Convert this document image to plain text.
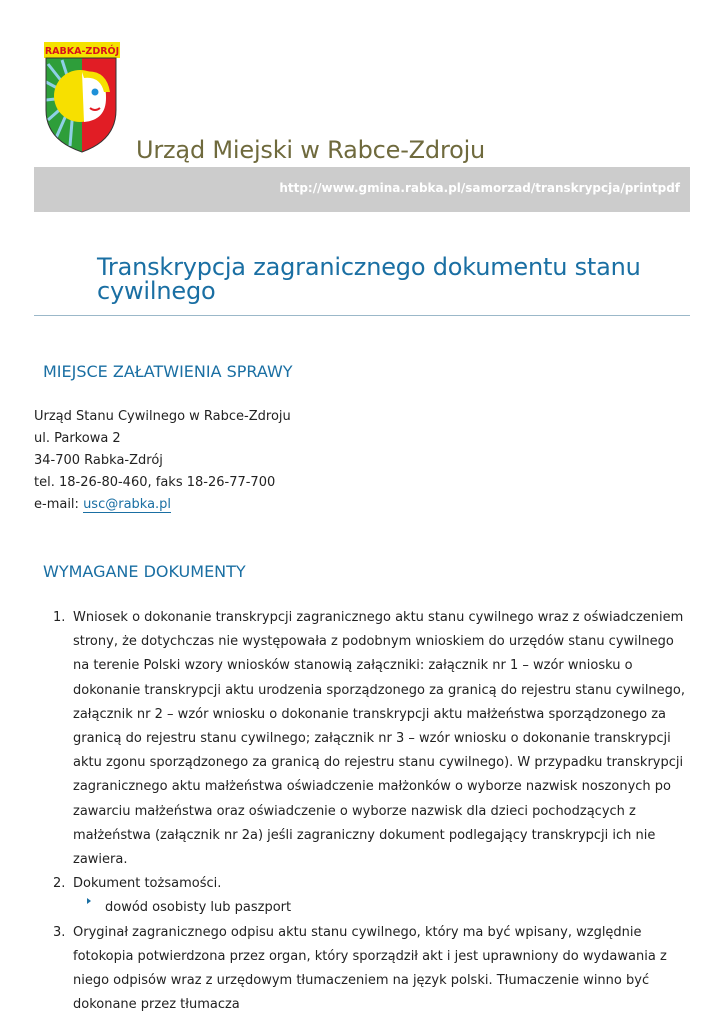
RABKA-ZDRÓJ
Urząd Miejski w Rabce-Zdroju
http://www.gmina.rabka.pl/samorzad/transkrypcja/printpdf
Transkrypcja zagranicznego dokumentu stanu cywilnego
MIEJSCE ZAŁATWIENIA SPRAWY
Urząd Stanu Cywilnego w Rabce-Zdroju
ul. Parkowa 2
34-700 Rabka-Zdrój
tel. 18-26-80-460, faks 18-26-77-700
e-mail: usc@rabka.pl
WYMAGANE DOKUMENTY
1. Wniosek o dokonanie transkrypcji zagranicznego aktu stanu cywilnego wraz z oświadczeniem strony, że dotychczas nie występowała z podobnym wnioskiem do urzędów stanu cywilnego na terenie Polski wzory wniosków stanowią załączniki: załącznik nr 1 – wzór wniosku o dokonanie transkrypcji aktu urodzenia sporządzonego za granicą do rejestru stanu cywilnego, załącznik nr 2 – wzór wniosku o dokonanie transkrypcji aktu małżeństwa sporządzonego za granicą do rejestru stanu cywilnego; załącznik nr 3 – wzór wniosku o dokonanie transkrypcji aktu zgonu sporządzonego za granicą do rejestru stanu cywilnego). W przypadku transkrypcji zagranicznego aktu małżeństwa oświadczenie małżonków o wyborze nazwisk noszonych po zawarciu małżeństwa oraz oświadczenie o wyborze nazwisk dla dzieci pochodzących z małżeństwa (załącznik nr 2a) jeśli zagraniczny dokument podlegający transkrypcji ich nie zawiera.
2. Dokument tożsamości.
dowód osobisty lub paszport
3. Oryginał zagranicznego odpisu aktu stanu cywilnego, który ma być wpisany, względnie fotokopia potwierdzona przez organ, który sporządził akt i jest uprawniony do wydawania z niego odpisów wraz z urzędowym tłumaczeniem na język polski. Tłumaczenie winno być dokonane przez tłumacza
